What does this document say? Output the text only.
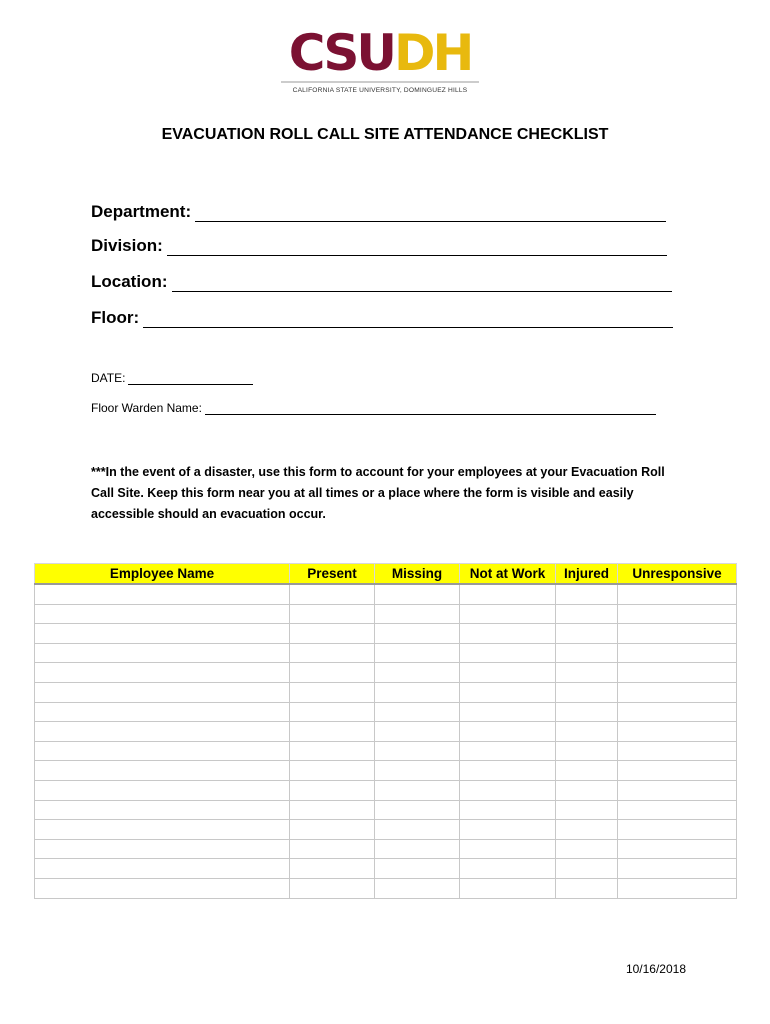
CSUDH
CALIFORNIA STATE UNIVERSITY, DOMINGUEZ HILLS
EVACUATION ROLL CALL SITE ATTENDANCE CHECKLIST
Department:
Division:
Location:
Floor:
DATE:
Floor Warden Name:
***In the event of a disaster, use this form to account for your employees at your Evacuation Roll Call Site. Keep this form near you at all times or a place where the form is visible and easily accessible should an evacuation occur.
Employee Name	Present	Missing	Not at Work	Injured	Unresponsive

10/16/2018
